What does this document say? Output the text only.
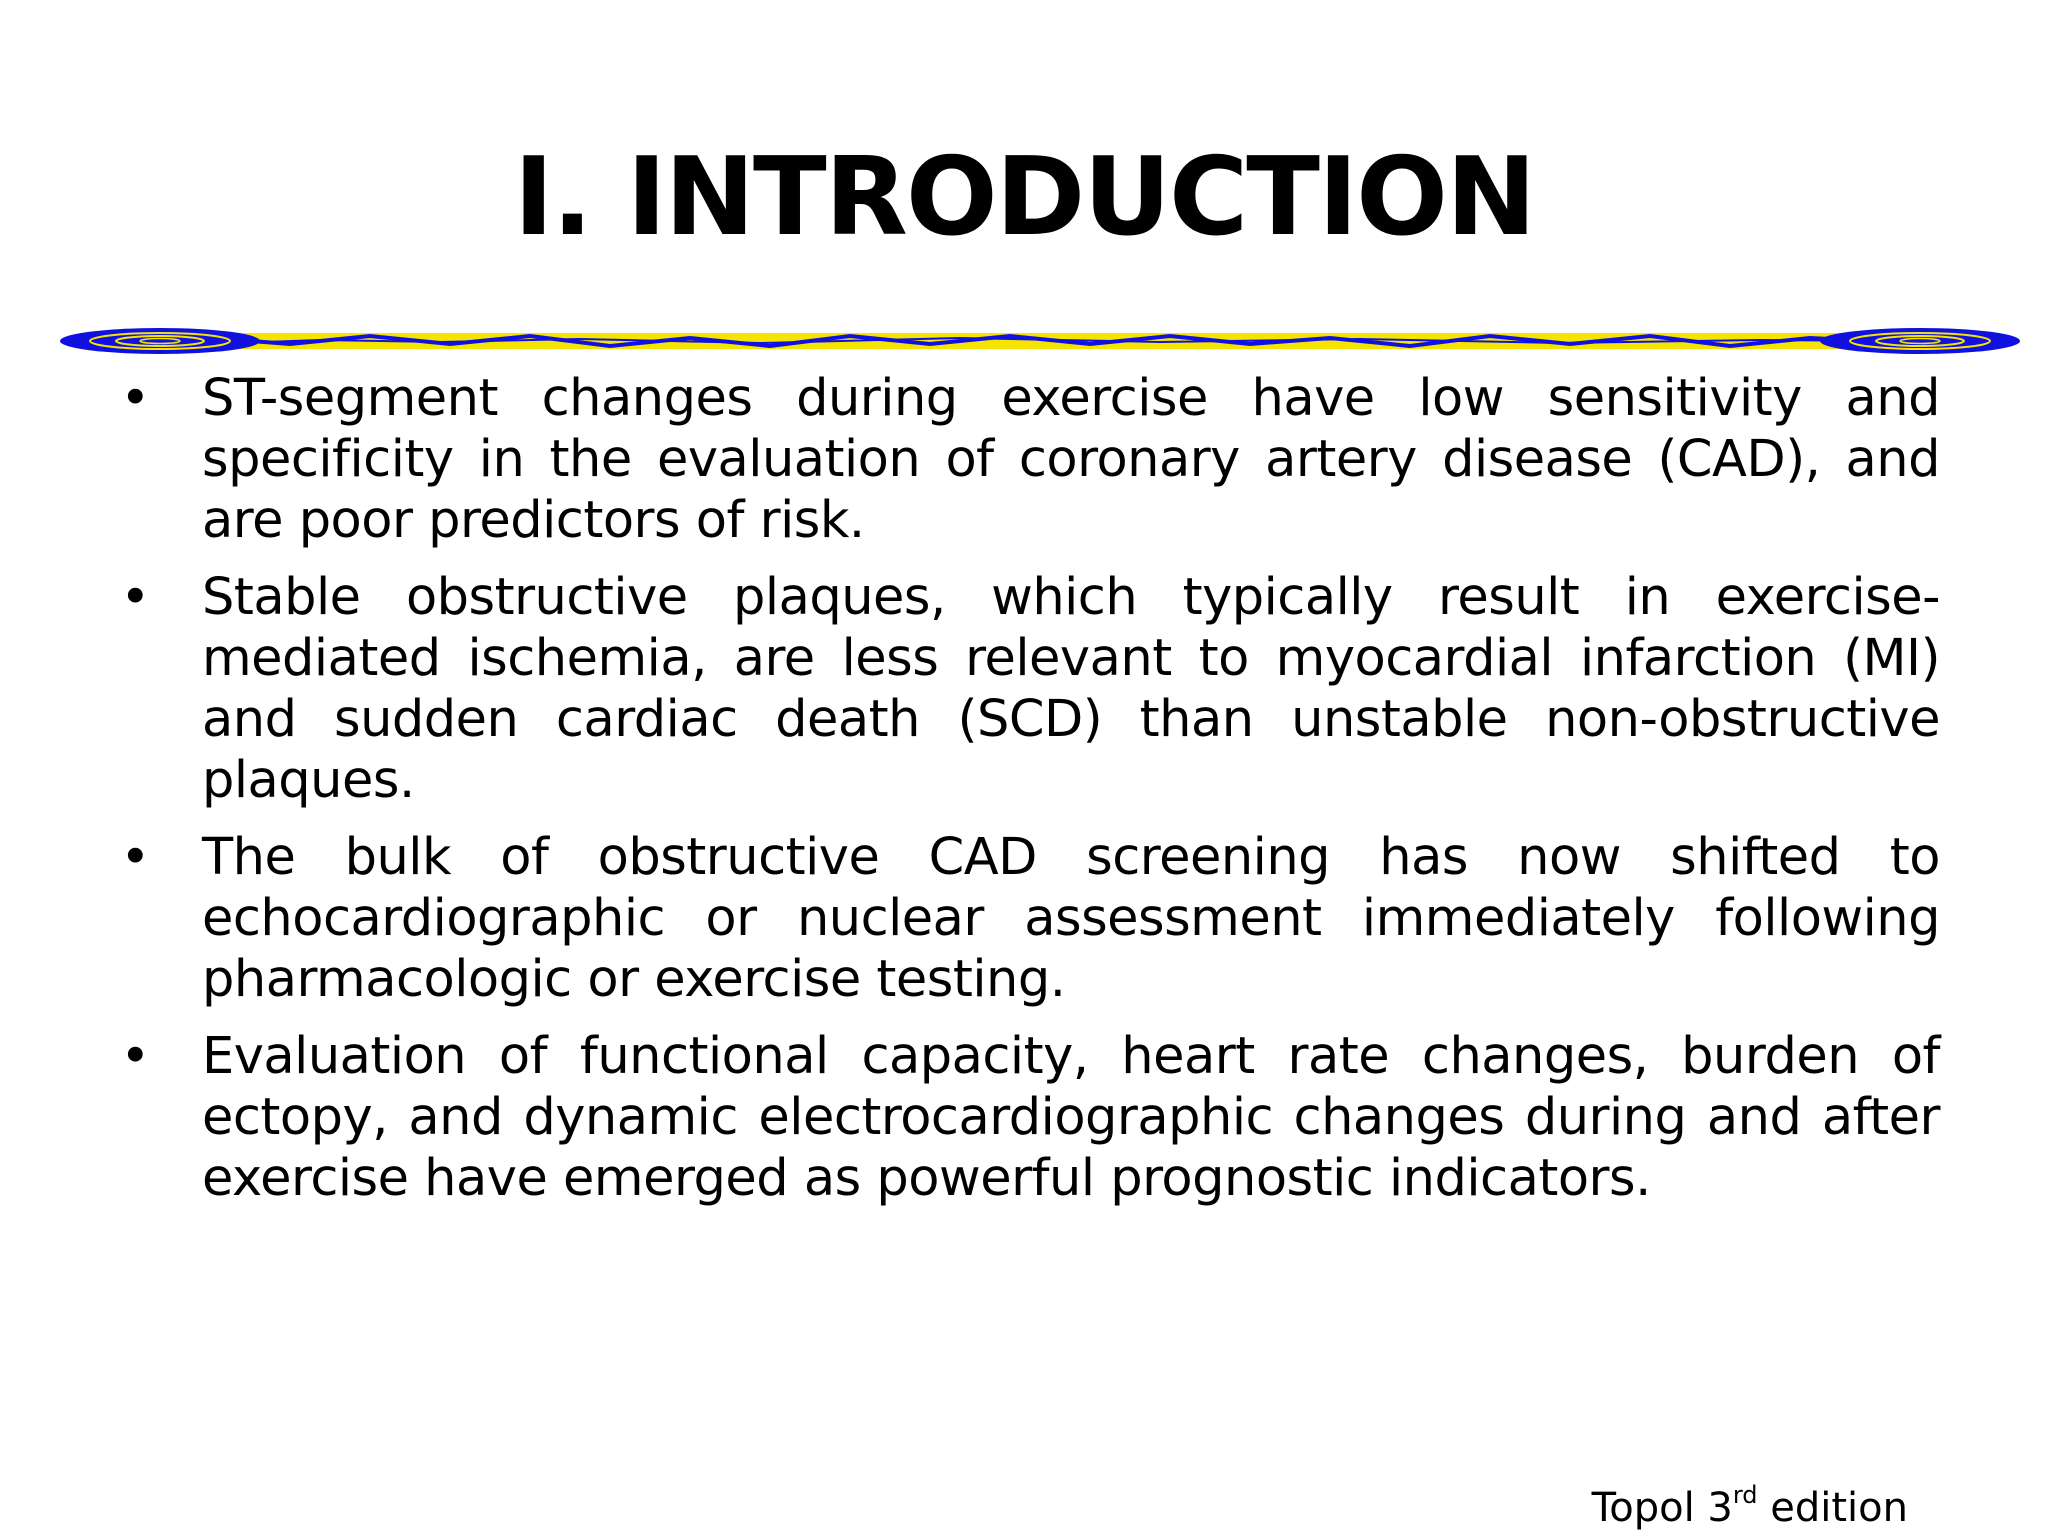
I. INTRODUCTION
• ST-segment changes during exercise have low sensitivity and specificity in the evaluation of coronary artery disease (CAD), and are poor predictors of risk.
• Stable obstructive plaques, which typically result in exercise-mediated ischemia, are less relevant to myocardial infarction (MI) and sudden cardiac death (SCD) than unstable non-obstructive plaques.
• The bulk of obstructive CAD screening has now shifted to echocardiographic or nuclear assessment immediately following pharmacologic or exercise testing.
• Evaluation of functional capacity, heart rate changes, burden of ectopy, and dynamic electrocardiographic changes during and after exercise have emerged as powerful prognostic indicators.
Topol 3rd edition
